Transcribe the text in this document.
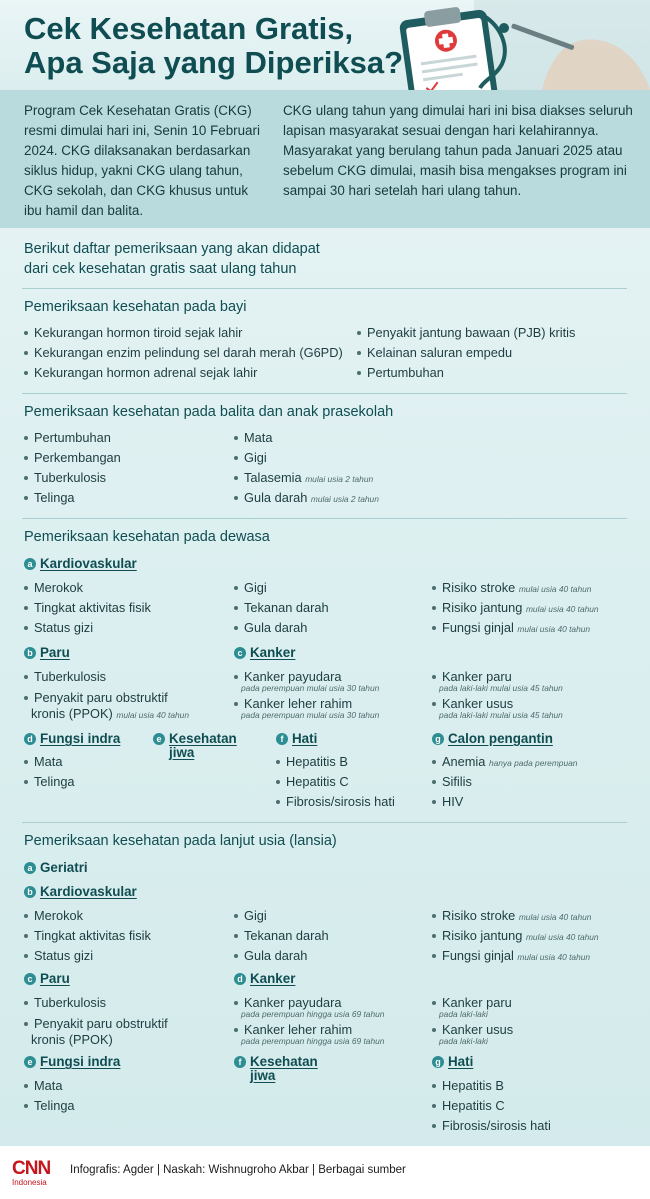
Cek Kesehatan Gratis,
Apa Saja yang Diperiksa?

Program Cek Kesehatan Gratis (CKG) resmi dimulai hari ini, Senin 10 Februari 2024. CKG dilaksanakan berdasarkan siklus hidup, yakni CKG ulang tahun, CKG sekolah, dan CKG khusus untuk ibu hamil dan balita.

CKG ulang tahun yang dimulai hari ini bisa diakses seluruh lapisan masyarakat sesuai dengan hari kelahirannya. Masyarakat yang berulang tahun pada Januari 2025 atau sebelum CKG dimulai, masih bisa mengakses program ini sampai 30 hari setelah hari ulang tahun.

Berikut daftar pemeriksaan yang akan didapat dari cek kesehatan gratis saat ulang tahun
Pemeriksaan kesehatan pada bayi
Kekurangan hormon tiroid sejak lahir
Kekurangan enzim pelindung sel darah merah (G6PD)
Kekurangan hormon adrenal sejak lahir
Penyakit jantung bawaan (PJB) kritis
Kelainan saluran empedu
Pertumbuhan
Pemeriksaan kesehatan pada balita dan anak prasekolah
Pertumbuhan
Perkembangan
Tuberkulosis
Telinga
Mata
Gigi
Talasemia mulai usia 2 tahun
Gula darah mulai usia 2 tahun
Pemeriksaan kesehatan pada dewasa
a Kardiovaskular
Merokok
Tingkat aktivitas fisik
Status gizi
Gigi
Tekanan darah
Gula darah
Risiko stroke mulai usia 40 tahun
Risiko jantung mulai usia 40 tahun
Fungsi ginjal mulai usia 40 tahun
b Paru
Tuberkulosis
Penyakit paru obstruktif
kronis (PPOK) mulai usia 40 tahun
c Kanker
Kanker payudara
pada perempuan mulai usia 30 tahun
Kanker leher rahim
pada perempuan mulai usia 30 tahun
Kanker paru
pada laki-laki mulai usia 45 tahun
Kanker usus
pada laki-laki mulai usia 45 tahun
d Fungsi indra
Mata
Telinga
e Kesehatan
jiwa
f Hati
Hepatitis B
Hepatitis C
Fibrosis/sirosis hati
g Calon pengantin
Anemia hanya pada perempuan
Sifilis
HIV
Pemeriksaan kesehatan pada lanjut usia (lansia)
a Geriatri
b Kardiovaskular
Merokok
Tingkat aktivitas fisik
Status gizi
Gigi
Tekanan darah
Gula darah
Risiko stroke mulai usia 40 tahun
Risiko jantung mulai usia 40 tahun
Fungsi ginjal mulai usia 40 tahun
c Paru
Tuberkulosis
Penyakit paru obstruktif
kronis (PPOK)
d Kanker
Kanker payudara
pada perempuan hingga usia 69 tahun
Kanker leher rahim
pada perempuan hingga usia 69 tahun
Kanker paru
pada laki-laki
Kanker usus
pada laki-laki
e Fungsi indra
Mata
Telinga
f Kesehatan
jiwa
g Hati
Hepatitis B
Hepatitis C
Fibrosis/sirosis hati
CNN
Indonesia
Infografis: Agder | Naskah: Wishnugroho Akbar | Berbagai sumber
